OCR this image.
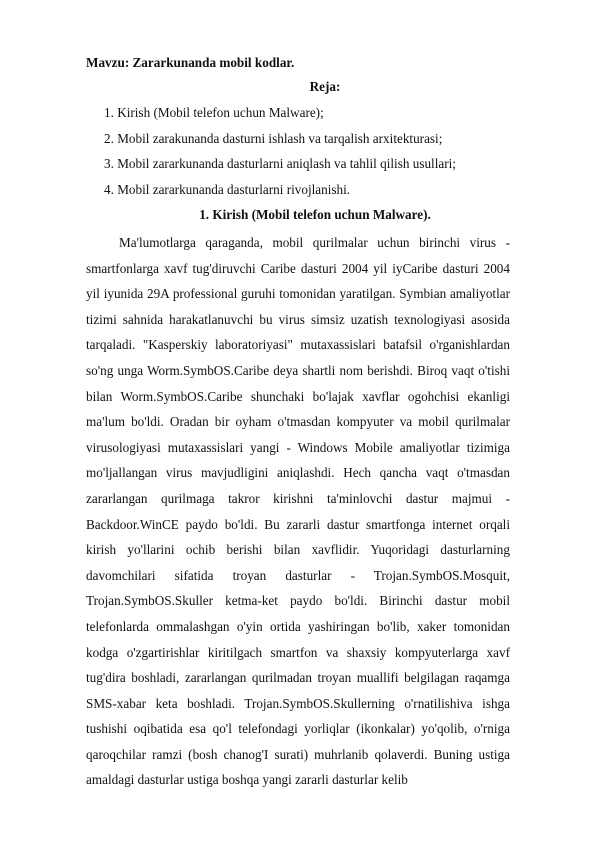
Mavzu: Zararkunanda mobil kodlar.

Reja:

1. Kirish (Mobil telefon uchun Malware);
2. Mobil zarakunanda dasturni ishlash va tarqalish arxitekturasi;
3. Mobil zararkunanda dasturlarni aniqlash va tahlil qilish usullari;
4. Mobil zararkunanda dasturlarni rivojlanishi.

1. Kirish (Mobil telefon uchun Malware).

Ma'lumotlarga qaraganda, mobil qurilmalar uchun birinchi virus - smartfonlarga xavf tug'diruvchi Caribe dasturi 2004 yil iyCaribe dasturi 2004 yil iyunida 29A professional guruhi tomonidan yaratilgan. Symbian amaliyotlar tizimi sahnida harakatlanuvchi bu virus simsiz uzatish texnologiyasi asosida tarqaladi. "Kasperskiy laboratoriyasi" mutaxassislari batafsil o'rganishlardan so'ng unga Worm.SymbOS.Caribe deya shartli nom berishdi. Biroq vaqt o'tishi bilan Worm.SymbOS.Caribe shunchaki bo'lajak xavflar ogohchisi ekanligi ma'lum bo'ldi. Oradan bir oyham o'tmasdan kompyuter va mobil qurilmalar virusologiyasi mutaxassislari yangi - Windows Mobile amaliyotlar tizimiga mo'ljallangan virus mavjudligini aniqlashdi. Hech qancha vaqt o'tmasdan zararlangan qurilmaga takror kirishni ta'minlovchi dastur majmui - Backdoor.WinCE paydo bo'ldi. Bu zararli dastur smartfonga internet orqali kirish yo'llarini ochib berishi bilan xavflidir. Yuqoridagi dasturlarning davomchilari sifatida troyan dasturlar - Trojan.SymbOS.Mosquit, Trojan.SymbOS.Skuller ketma-ket paydo bo'ldi. Birinchi dastur mobil telefonlarda ommalashgan o'yin ortida yashiringan bo'lib, xaker tomonidan kodga o'zgartirishlar kiritilgach smartfon va shaxsiy kompyuterlarga xavf tug'dira boshladi, zararlangan qurilmadan troyan muallifi belgilagan raqamga SMS-xabar keta boshladi. Trojan.SymbOS.Skullerning o'rnatilishiva ishga tushishi oqibatida esa qo'l telefondagi yorliqlar (ikonkalar) yo'qolib, o'rniga qaroqchilar ramzi (bosh chanog'I surati) muhrlanib qolaverdi. Buning ustiga amaldagi dasturlar ustiga boshqa yangi zararli dasturlar kelib
